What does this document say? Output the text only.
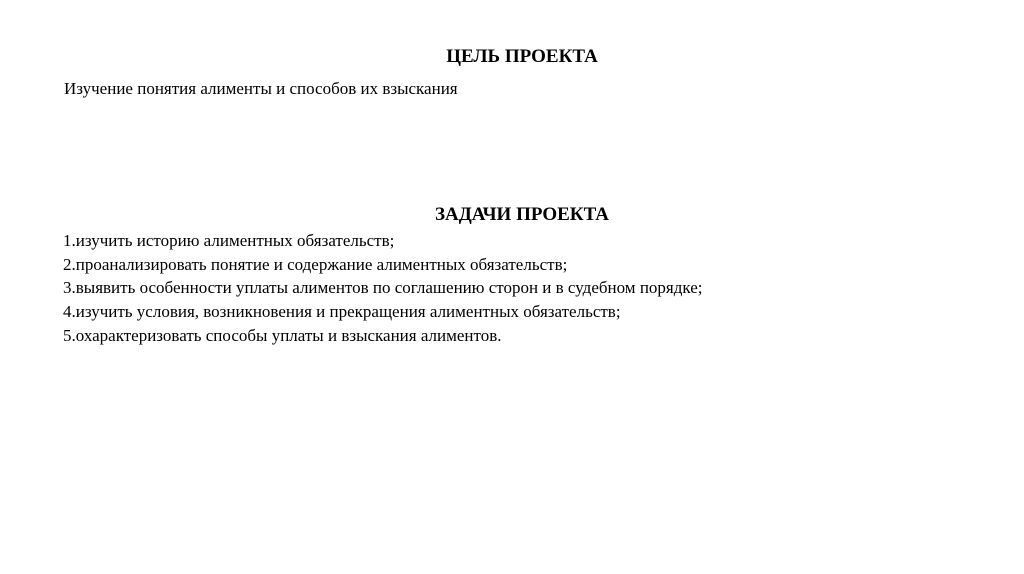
ЦЕЛЬ ПРОЕКТА
Изучение понятия алименты и способов их взыскания
ЗАДАЧИ ПРОЕКТА
1.изучить историю алиментных обязательств;
2.проанализировать понятие и содержание алиментных обязательств;
3.выявить особенности уплаты алиментов по соглашению сторон и в судебном порядке;
4.изучить условия, возникновения и прекращения алиментных обязательств;
5.охарактеризовать способы уплаты и взыскания алиментов.
